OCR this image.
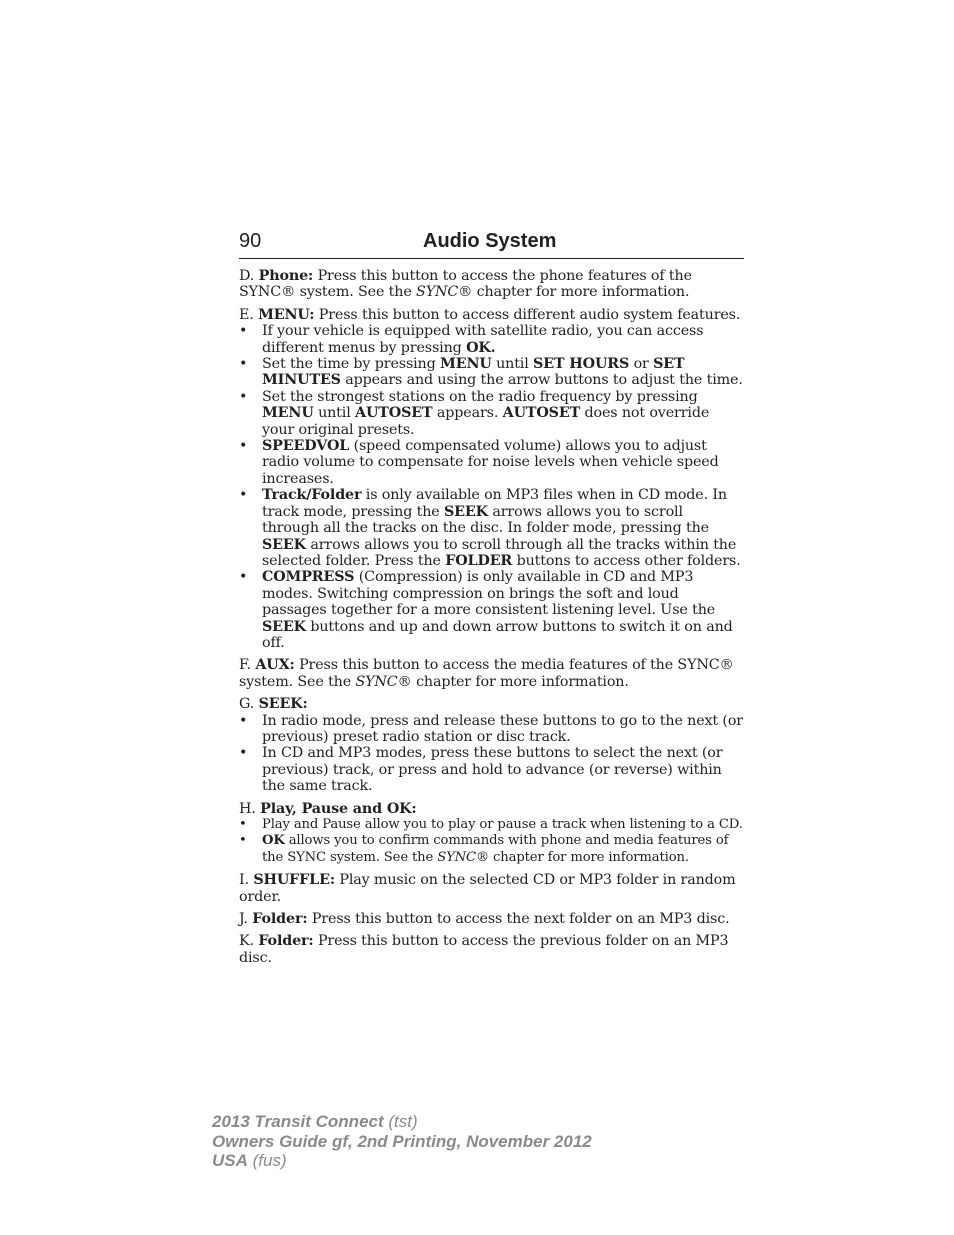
90	Audio System

D. Phone: Press this button to access the phone features of the SYNC® system. See the SYNC® chapter for more information.

E. MENU: Press this button to access different audio system features.

• If your vehicle is equipped with satellite radio, you can access different menus by pressing OK.
• Set the time by pressing MENU until SET HOURS or SET MINUTES appears and using the arrow buttons to adjust the time.
• Set the strongest stations on the radio frequency by pressing MENU until AUTOSET appears. AUTOSET does not override your original presets.
• SPEEDVOL (speed compensated volume) allows you to adjust radio volume to compensate for noise levels when vehicle speed increases.
• Track/Folder is only available on MP3 files when in CD mode. In track mode, pressing the SEEK arrows allows you to scroll through all the tracks on the disc. In folder mode, pressing the SEEK arrows allows you to scroll through all the tracks within the selected folder. Press the FOLDER buttons to access other folders.
• COMPRESS (Compression) is only available in CD and MP3 modes. Switching compression on brings the soft and loud passages together for a more consistent listening level. Use the SEEK buttons and up and down arrow buttons to switch it on and off.

F. AUX: Press this button to access the media features of the SYNC® system. See the SYNC® chapter for more information.

G. SEEK:

• In radio mode, press and release these buttons to go to the next (or previous) preset radio station or disc track.
• In CD and MP3 modes, press these buttons to select the next (or previous) track, or press and hold to advance (or reverse) within the same track.

H. Play, Pause and OK:

• Play and Pause allow you to play or pause a track when listening to a CD.
• OK allows you to confirm commands with phone and media features of the SYNC system. See the SYNC® chapter for more information.

I. SHUFFLE: Play music on the selected CD or MP3 folder in random order.

J. Folder: Press this button to access the next folder on an MP3 disc.

K. Folder: Press this button to access the previous folder on an MP3 disc.

2013 Transit Connect (tst)
Owners Guide gf, 2nd Printing, November 2012
USA (fus)
